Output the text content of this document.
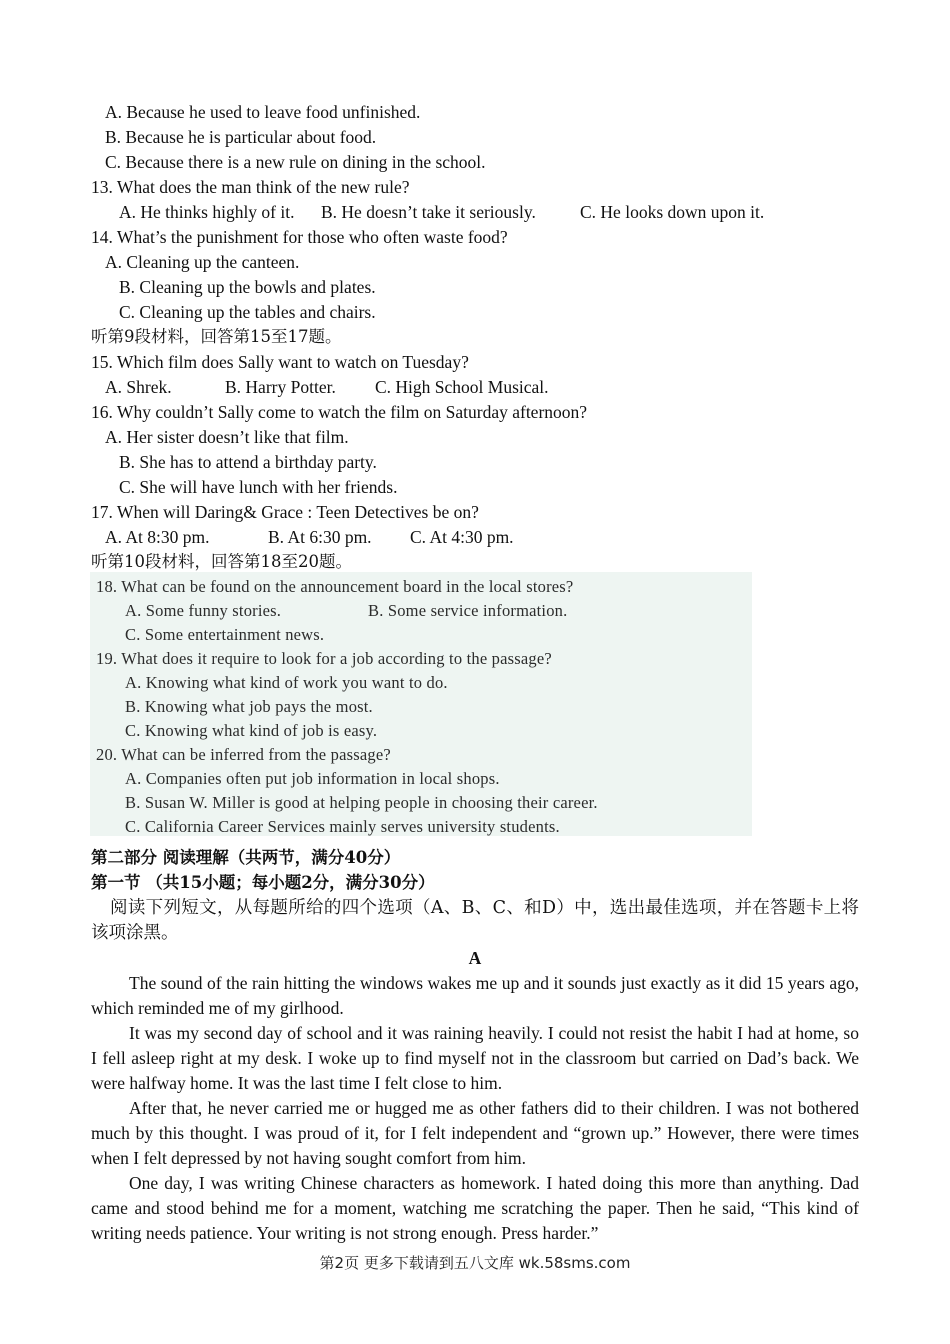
A. Because he used to leave food unfinished.
B. Because he is particular about food.
C. Because there is a new rule on dining in the school.
13. What does the man think of the new rule?
A. He thinks highly of it. B. He doesn’t take it seriously.	C. He looks down upon it.
14. What’s the punishment for those who often waste food?
A. Cleaning up the canteen.
B. Cleaning up the bowls and plates.
C. Cleaning up the tables and chairs.
听第9段材料，回答第15至17题。
15. Which film does Sally want to watch on Tuesday?
A. Shrek.	B. Harry Potter. C. High School Musical.
16. Why couldn’t Sally come to watch the film on Saturday afternoon?
A. Her sister doesn’t like that film.
B. She has to attend a birthday party.
C. She will have lunch with her friends.
17. When will Daring& Grace : Teen Detectives be on?
A. At 8:30 pm.	B. At 6:30 pm. C. At 4:30 pm.
听第10段材料，回答第18至20题。
18. What can be found on the announcement board in the local stores?
A. Some funny stories.	B. Some service information.
C. Some entertainment news.
19. What does it require to look for a job according to the passage?
A. Knowing what kind of work you want to do.
B. Knowing what job pays the most.
C. Knowing what kind of job is easy.
20. What can be inferred from the passage?
A. Companies often put job information in local shops.
B. Susan W. Miller is good at helping people in choosing their career.
C. California Career Services mainly serves university students.
第二部分 阅读理解（共两节，满分40分）
第一节 （共15小题；每小题2分，满分30分）
阅读下列短文，从每题所给的四个选项（A、B、C、和D）中，选出最佳选项，并在答题卡上将该项涂黑。
A
The sound of the rain hitting the windows wakes me up and it sounds just exactly as it did 15 years ago, which reminded me of my girlhood.
It was my second day of school and it was raining heavily. I could not resist the habit I had at home, so I fell asleep right at my desk. I woke up to find myself not in the classroom but carried on Dad’s back. We were halfway home. It was the last time I felt close to him.
After that, he never carried me or hugged me as other fathers did to their children. I was not bothered much by this thought. I was proud of it, for I felt independent and “grown up.” However, there were times when I felt depressed by not having sought comfort from him.
One day, I was writing Chinese characters as homework. I hated doing this more than anything. Dad came and stood behind me for a moment, watching me scratching the paper. Then he said, “This kind of writing needs patience. Your writing is not strong enough. Press harder.”
第2页 更多下载请到五八文库 wk.58sms.com
